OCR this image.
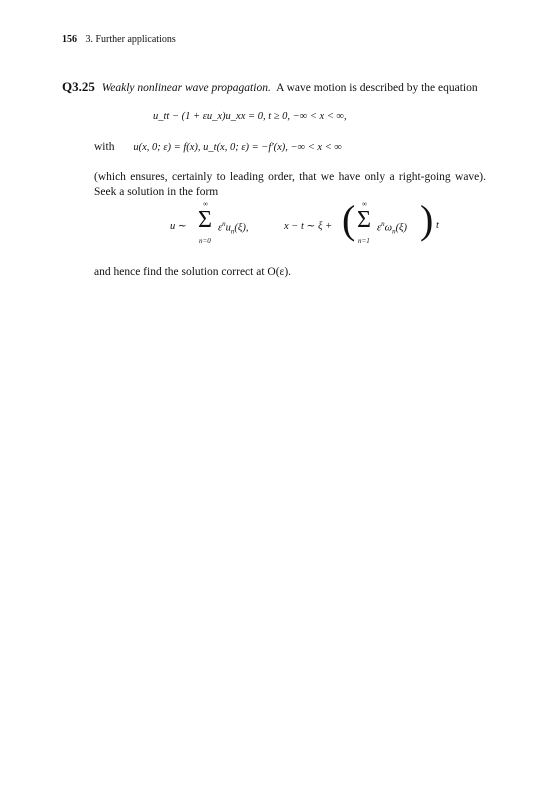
156 3. Further applications
Q3.25 Weakly nonlinear wave propagation. A wave motion is described by the equation
u_tt − (1 + εu_x)u_xx = 0, t ≥ 0, −∞ < x < ∞,
with u(x, 0; ε) = f(x), u_t(x, 0; ε) = −f′(x), −∞ < x < ∞
(which ensures, certainly to leading order, that we have only a right-going wave). Seek a solution in the form
u ∼
∞
Σ
n=0
$\varepsilon^nu_n(\xi)$,	x − t ∼ ξ + ( ∞
Σ
n=1
$\varepsilon^n\omega_n(\xi)$ ) t
and hence find the solution correct at O(ε).
